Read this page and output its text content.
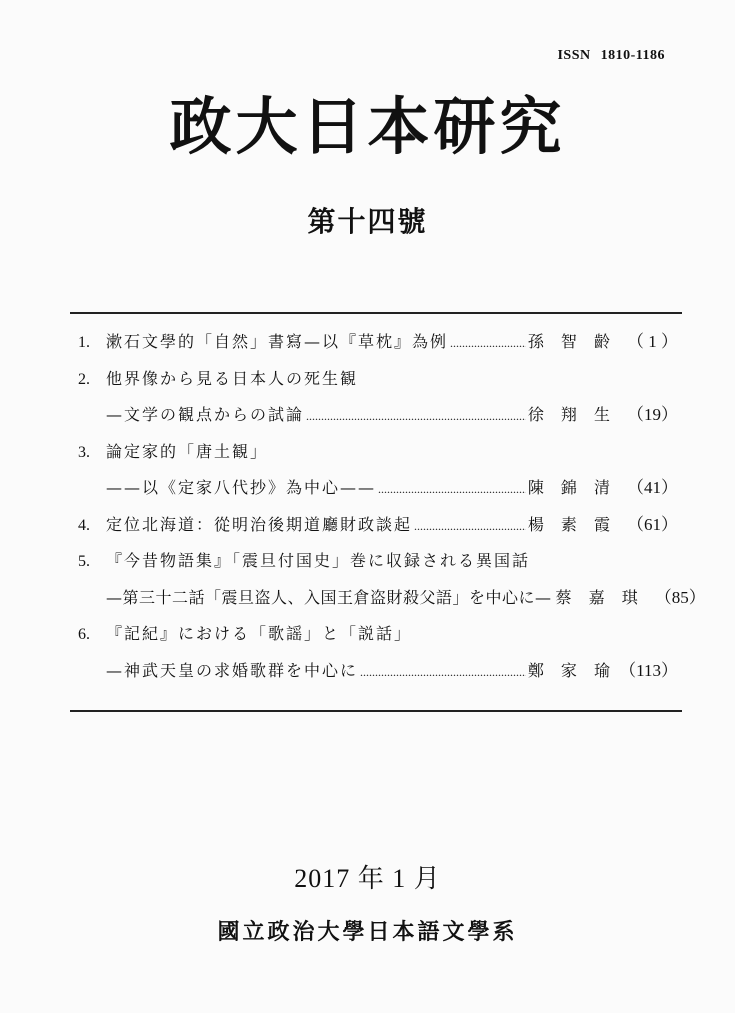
ISSN 1810-1186
政大日本研究
第十四號
1.	漱石文學的「自然」書寫—以『草枕』為例 .....	孫 智 齡 （ 1 ）
2.	他界像から見る日本人の死生観
—文学の観点からの試論 .....	徐 翔 生 （19）
3.	論定家的「唐土観」
——以《定家八代抄》為中心—— .....	陳 錦 清 （41）
4.	定位北海道：從明治後期道廳財政談起 .....	楊 素 霞 （61）
5.	『今昔物語集』「震旦付国史」巻に収録される異国話
—第三十二話「震旦盗人、入国王倉盗財殺父語」を中心に— 蔡 嘉 琪 （85）
6.	『記紀』における「歌謡」と「説話」
—神武天皇の求婚歌群を中心に .....	鄭 家 瑜 （113）
2017 年 1 月
國立政治大學日本語文學系
